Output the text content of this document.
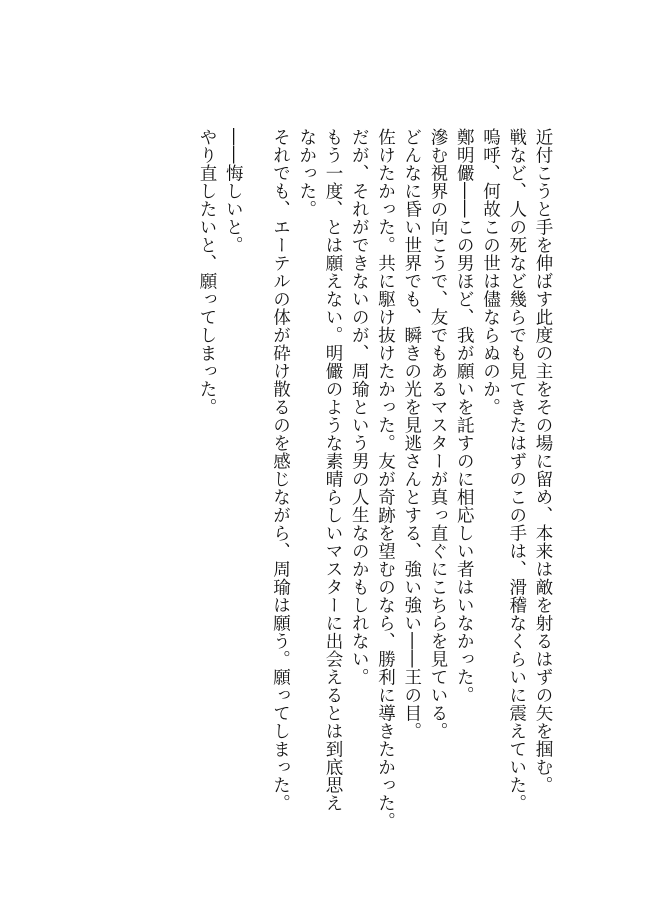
近付こうと手を伸ばす此度の主をその場に留め、本来は敵を射るはずの矢を掴む。
戦など、人の死など幾らでも見てきたはずのこの手は、滑稽なくらいに震えていた。
嗚呼、何故この世は儘ならぬのか。
鄭明儼――この男ほど、我が願いを託すのに相応しい者はいなかった。
滲む視界の向こうで、友でもあるマスターが真っ直ぐにこちらを見ている。
どんなに昏い世界でも、瞬きの光を見逃さんとする、強い強い――王の目。
佐けたかった。共に駆け抜けたかった。友が奇跡を望むのなら、勝利に導きたかった。
だが、それができないのが、周瑜という男の人生なのかもしれない。
もう一度、とは願えない。明儼のような素晴らしいマスターに出会えるとは到底思え
なかった。
それでも、エーテルの体が砕け散るのを感じながら、周瑜は願う。願ってしまった。
――悔しいと。
やり直したいと、願ってしまった。
